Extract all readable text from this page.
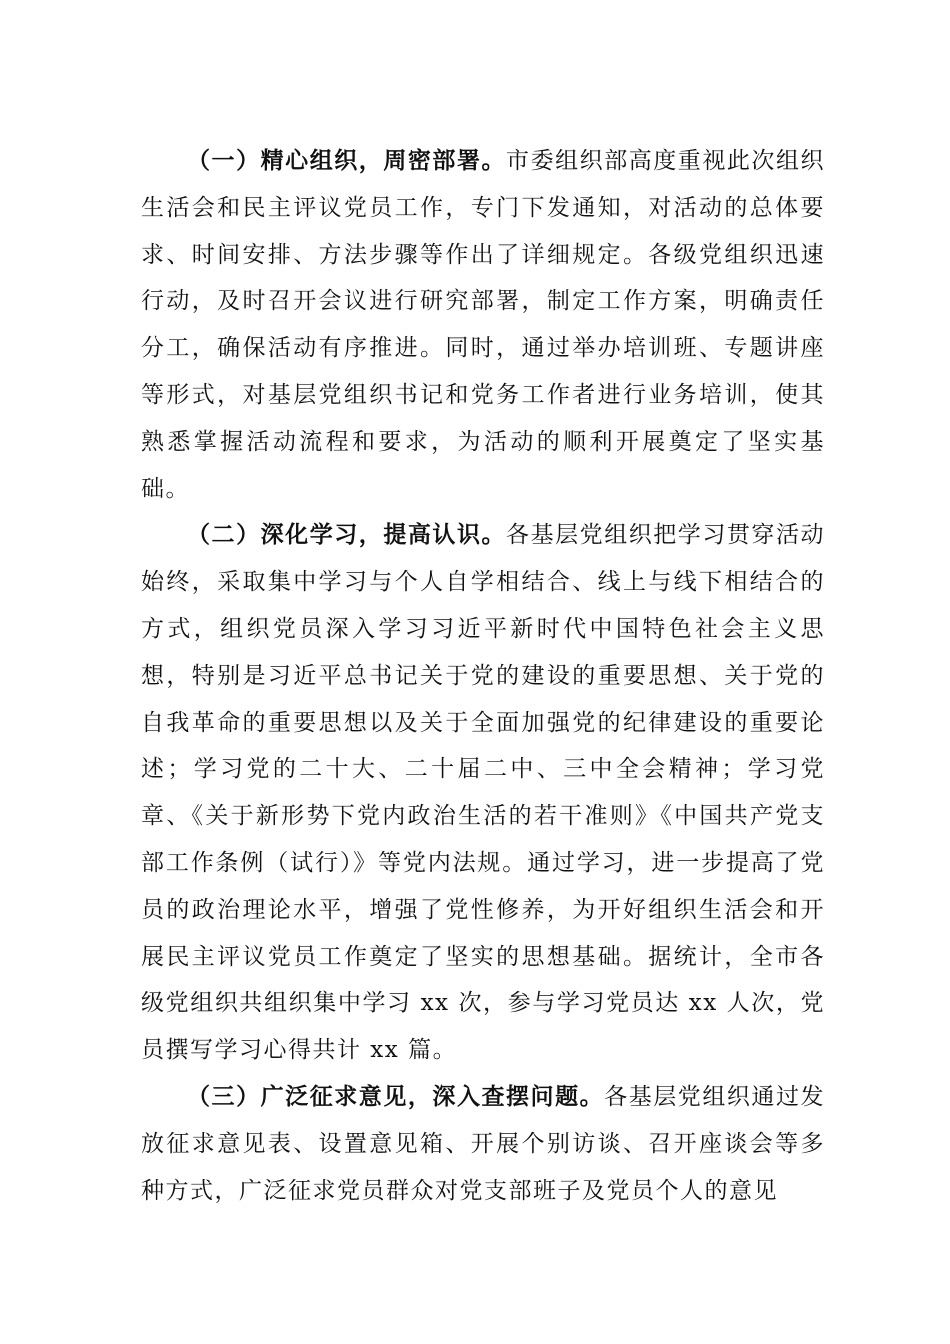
（一）精心组织，周密部署。市委组织部高度重视此次组织生活会和民主评议党员工作，专门下发通知，对活动的总体要求、时间安排、方法步骤等作出了详细规定。各级党组织迅速行动，及时召开会议进行研究部署，制定工作方案，明确责任分工，确保活动有序推进。同时，通过举办培训班、专题讲座等形式，对基层党组织书记和党务工作者进行业务培训，使其熟悉掌握活动流程和要求，为活动的顺利开展奠定了坚实基础。

（二）深化学习，提高认识。各基层党组织把学习贯穿活动始终，采取集中学习与个人自学相结合、线上与线下相结合的方式，组织党员深入学习习近平新时代中国特色社会主义思想，特别是习近平总书记关于党的建设的重要思想、关于党的自我革命的重要思想以及关于全面加强党的纪律建设的重要论述；学习党的二十大、二十届二中、三中全会精神；学习党章、《关于新形势下党内政治生活的若干准则》《中国共产党支部工作条例（试行）》等党内法规。通过学习，进一步提高了党员的政治理论水平，增强了党性修养，为开好组织生活会和开展民主评议党员工作奠定了坚实的思想基础。据统计，全市各级党组织共组织集中学习 xx 次，参与学习党员达 xx 人次，党员撰写学习心得共计 xx 篇。

（三）广泛征求意见，深入查摆问题。各基层党组织通过发放征求意见表、设置意见箱、开展个别访谈、召开座谈会等多种方式，广泛征求党员群众对党支部班子及党员个人的意见
